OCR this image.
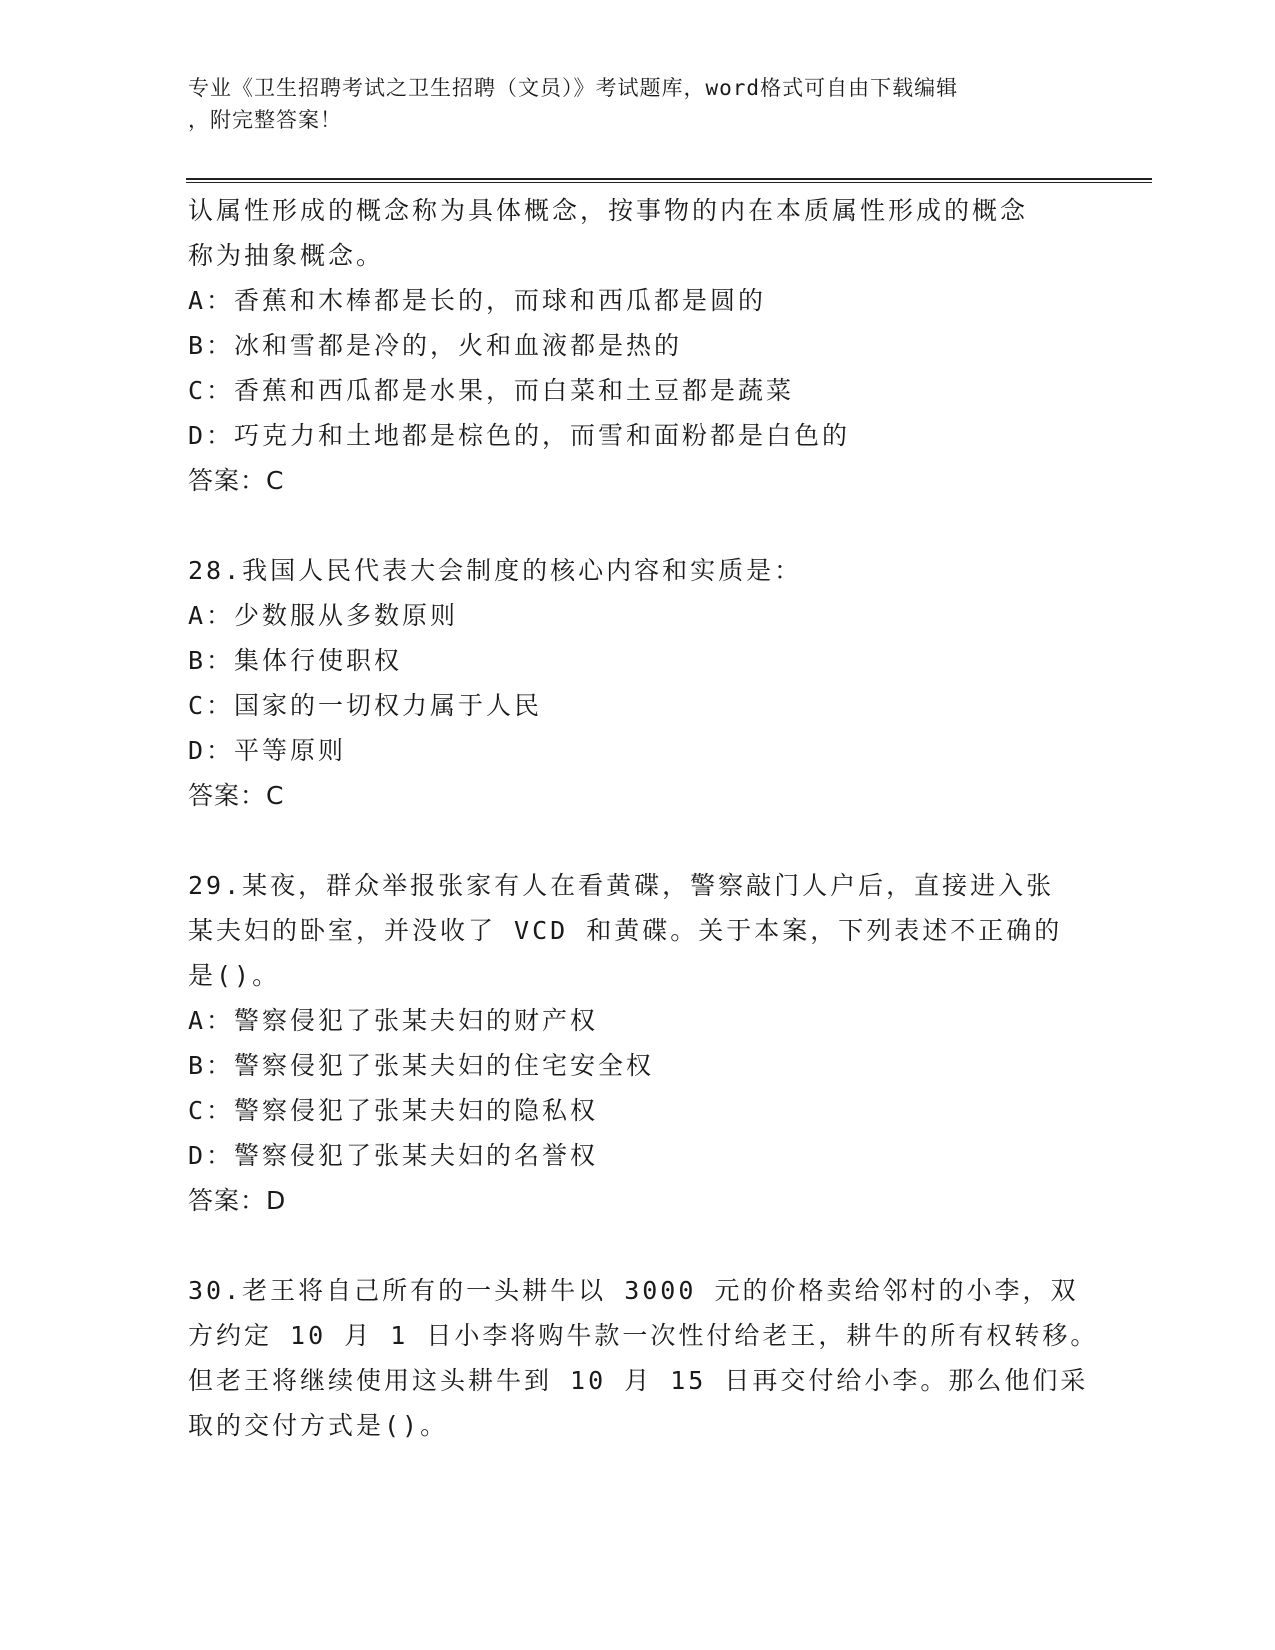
专业《卫生招聘考试之卫生招聘（文员）》考试题库，word格式可自由下载编辑
，附完整答案！
认属性形成的概念称为具体概念，按事物的内在本质属性形成的概念
称为抽象概念。
A：香蕉和木棒都是长的，而球和西瓜都是圆的
B：冰和雪都是冷的，火和血液都是热的
C：香蕉和西瓜都是水果，而白菜和土豆都是蔬菜
D：巧克力和土地都是棕色的，而雪和面粉都是白色的
答案：C
28.我国人民代表大会制度的核心内容和实质是：
A：少数服从多数原则
B：集体行使职权
C：国家的一切权力属于人民
D：平等原则
答案：C
29.某夜，群众举报张家有人在看黄碟，警察敲门人户后，直接进入张
某夫妇的卧室，并没收了 VCD 和黄碟。关于本案，下列表述不正确的
是()。
A：警察侵犯了张某夫妇的财产权
B：警察侵犯了张某夫妇的住宅安全权
C：警察侵犯了张某夫妇的隐私权
D：警察侵犯了张某夫妇的名誉权
答案：D
30.老王将自己所有的一头耕牛以 3000 元的价格卖给邻村的小李，双
方约定 10 月 1 日小李将购牛款一次性付给老王，耕牛的所有权转移。
但老王将继续使用这头耕牛到 10 月 15 日再交付给小李。那么他们采
取的交付方式是()。
